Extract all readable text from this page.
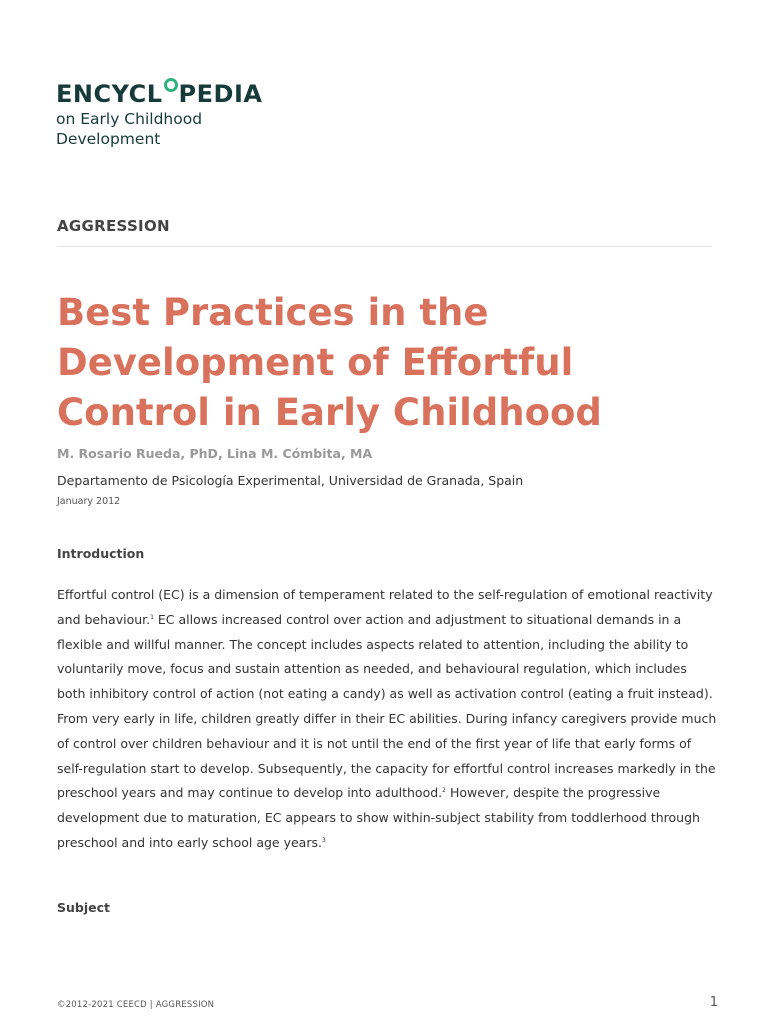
ENCYCL PEDIA
on Early Childhood
Development
AGGRESSION
Best Practices in the Development of Effortful Control in Early Childhood
M. Rosario Rueda, PhD, Lina M. Cómbita, MA
Departamento de Psicología Experimental, Universidad de Granada, Spain
January 2012
Introduction

Effortful control (EC) is a dimension of temperament related to the self-regulation of emotional reactivity and behaviour.$^1$ EC allows increased control over action and adjustment to situational demands in a flexible and willful manner. The concept includes aspects related to attention, including the ability to voluntarily move, focus and sustain attention as needed, and behavioural regulation, which includes both inhibitory control of action (not eating a candy) as well as activation control (eating a fruit instead). From very early in life, children greatly differ in their EC abilities. During infancy caregivers provide much of control over children behaviour and it is not until the end of the first year of life that early forms of self-regulation start to develop. Subsequently, the capacity for effortful control increases markedly in the preschool years and may continue to develop into adulthood.$^2$ However, despite the progressive development due to maturation, EC appears to show within-subject stability from toddlerhood through preschool and into early school age years.$^3$

Subject
©2012-2021 CEECD | AGGRESSION	1
